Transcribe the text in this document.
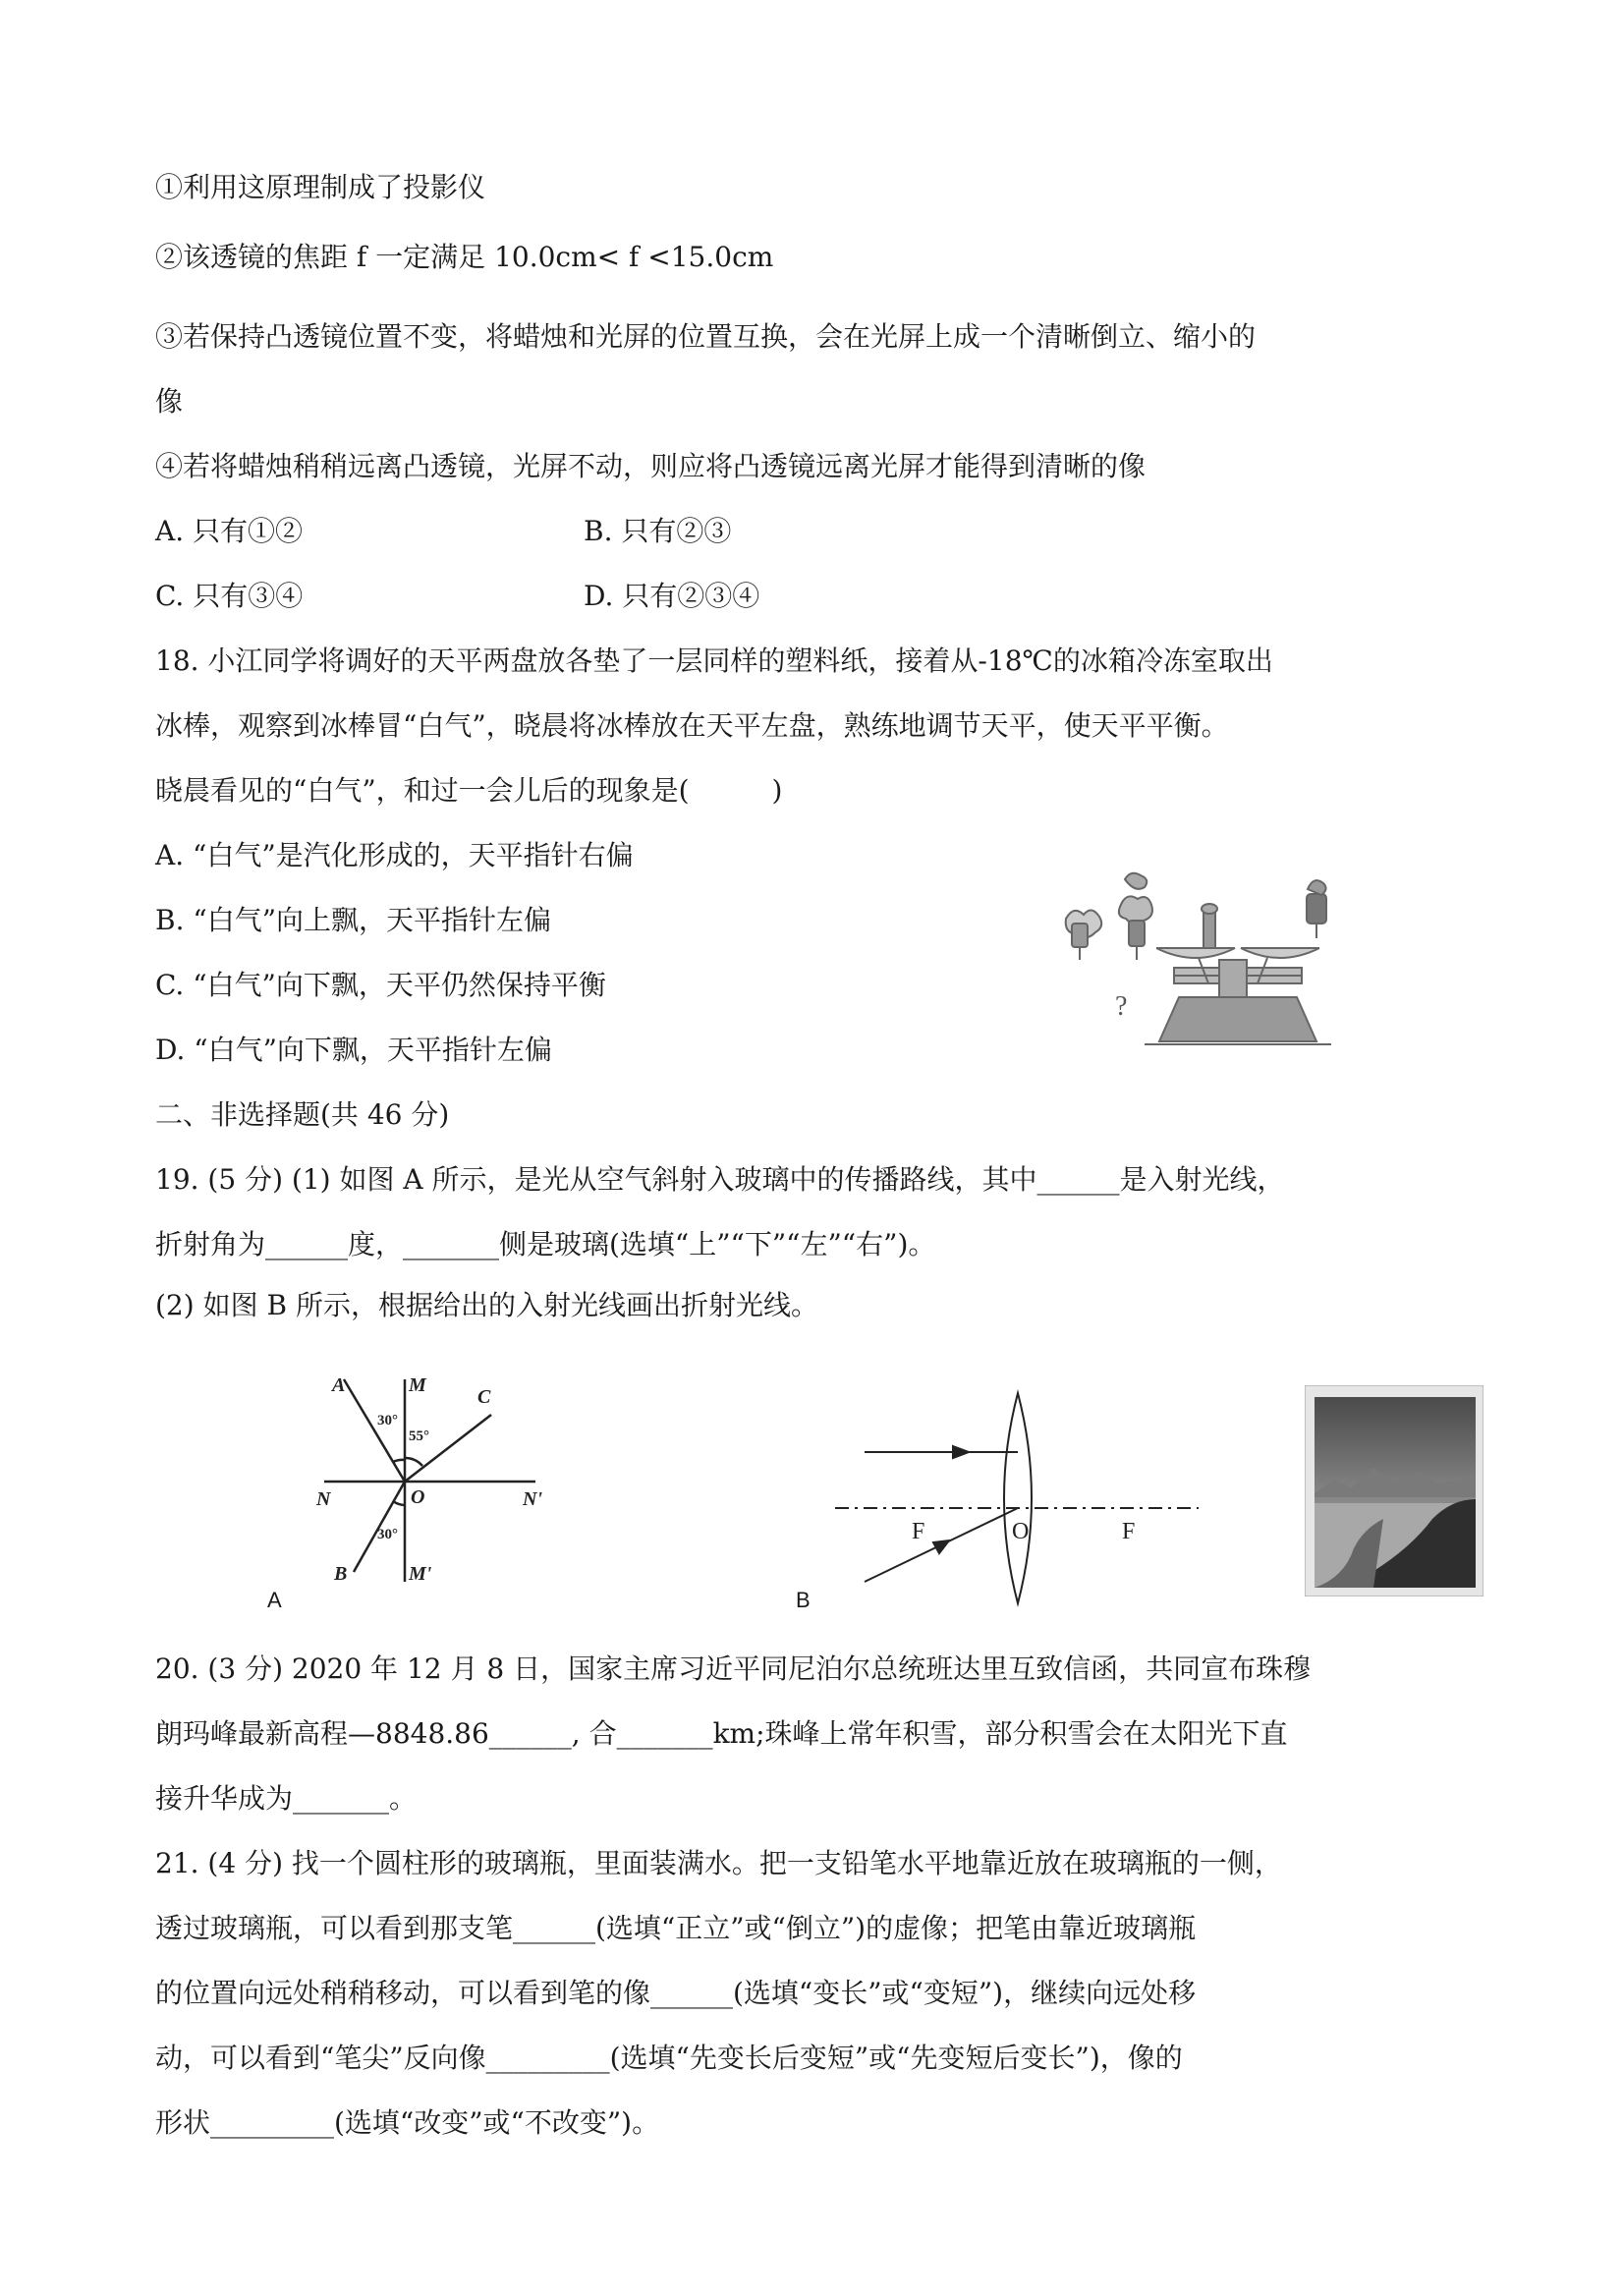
①利用这原理制成了投影仪
②该透镜的焦距 f 一定满足 10.0cm< f <15.0cm
③若保持凸透镜位置不变，将蜡烛和光屏的位置互换，会在光屏上成一个清晰倒立、缩小的
像
④若将蜡烛稍稍远离凸透镜，光屏不动，则应将凸透镜远离光屏才能得到清晰的像
A. 只有①②	B. 只有②③
C. 只有③④	D. 只有②③④
18. 小江同学将调好的天平两盘放各垫了一层同样的塑料纸，接着从-18℃的冰箱冷冻室取出
冰棒，观察到冰棒冒“白气”，晓晨将冰棒放在天平左盘，熟练地调节天平，使天平平衡。
晓晨看见的“白气”，和过一会儿后的现象是(　　　)
A. “白气”是汽化形成的，天平指针右偏
B. “白气”向上飘，天平指针左偏
C. “白气”向下飘，天平仍然保持平衡
D. “白气”向下飘，天平指针左偏
?
二、非选择题(共 46 分)
19. (5 分) (1) 如图 A 所示，是光从空气斜射入玻璃中的传播路线，其中______是入射光线，
折射角为______度，_______侧是玻璃(选填“上”“下”“左”“右”)。
(2) 如图 B 所示，根据给出的入射光线画出折射光线。
A	M
C
N	O	N'
B	M'
30°
55°
30°
A
F	O	F
B
20. (3 分) 2020 年 12 月 8 日，国家主席习近平同尼泊尔总统班达里互致信函，共同宣布珠穆
朗玛峰最新高程—8848.86______, 合_______km;珠峰上常年积雪，部分积雪会在太阳光下直
接升华成为_______。
21. (4 分) 找一个圆柱形的玻璃瓶，里面装满水。把一支铅笔水平地靠近放在玻璃瓶的一侧，
透过玻璃瓶，可以看到那支笔______(选填“正立”或“倒立”)的虚像；把笔由靠近玻璃瓶
的位置向远处稍稍移动，可以看到笔的像______(选填“变长”或“变短”)，继续向远处移
动，可以看到“笔尖”反向像_________(选填“先变长后变短”或“先变短后变长”)，像的
形状_________(选填“改变”或“不改变”)。
